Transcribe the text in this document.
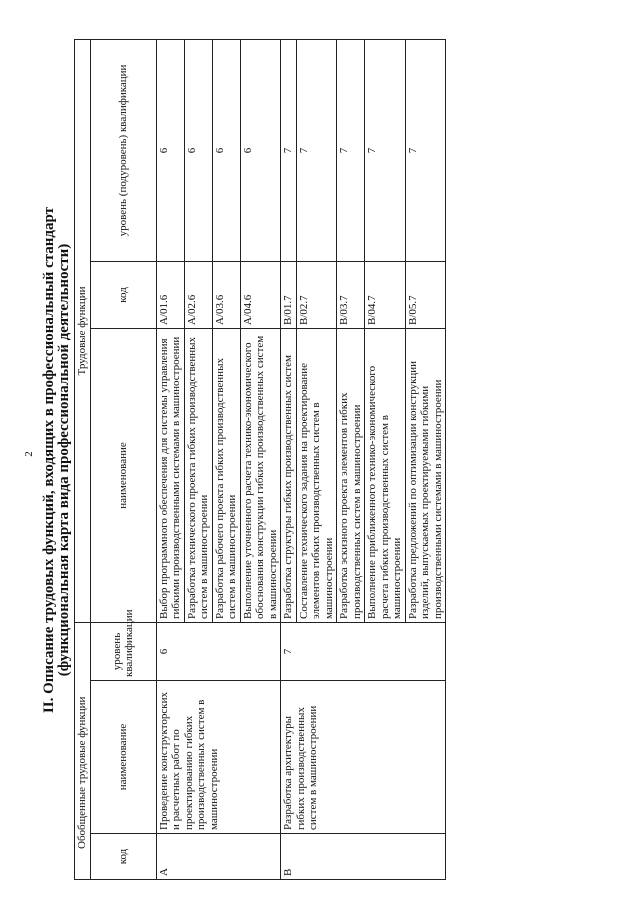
2 II. Описание трудовых функций, входящих в профессиональный стандарт (функциональная карта вида профессиональной деятельности)

Обобщенные трудовые функции			Трудовые функции		
код	наименование	уровень квалификации	наименование	код	уровень (подуровень) квалификации
A	Проведение конструкторских и расчетных работ по проектированию гибких производственных систем в машиностроении	6	Выбор программного обеспечения для системы управления гибкими производственными системами в машиностроении	A/01.6	6
			Разработка технического проекта гибких производственных систем в машиностроении	A/02.6	6
			Разработка рабочего проекта гибких производственных систем в машиностроении	A/03.6	6
			Выполнение уточненного расчета технико-экономического обоснования конструкции гибких производственных систем в машиностроении	A/04.6	6
B	Разработка архитектуры гибких производственных систем в машиностроении	7	Разработка структуры гибких производственных систем	B/01.7	7
			Составление технического задания на проектирование элементов гибких производственных систем в машиностроении	B/02.7	7
			Разработка эскизного проекта элементов гибких производственных систем в машиностроении	B/03.7	7
			Выполнение приближенного технико-экономического расчета гибких производственных систем в машиностроении	B/04.7	7
			Разработка предложений по оптимизации конструкции изделий, выпускаемых проектируемыми гибкими производственными системами в машиностроении	B/05.7	7
